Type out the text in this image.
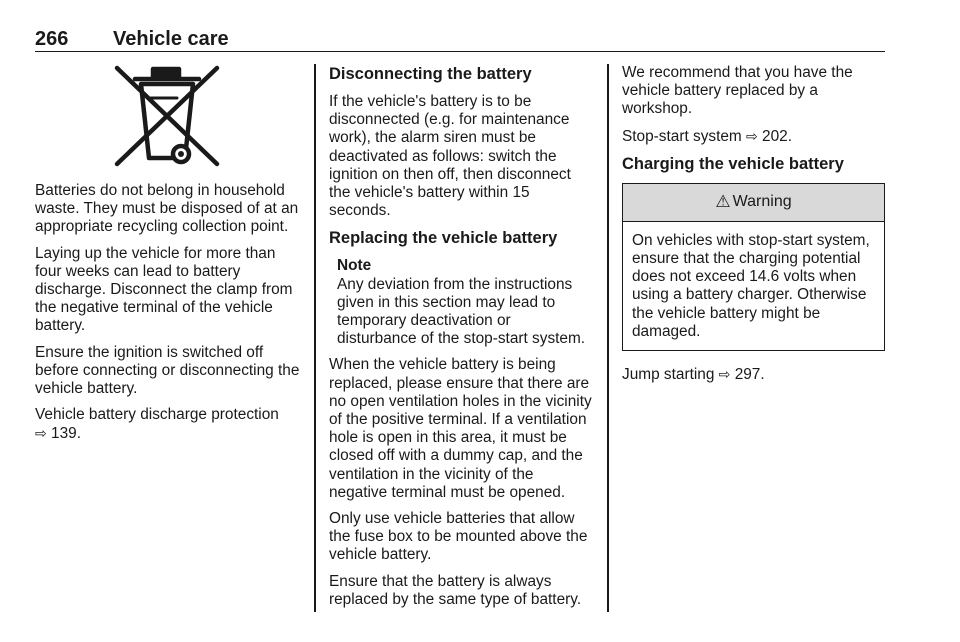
266 Vehicle care

Batteries do not belong in household waste. They must be disposed of at an appropriate recycling collection point.

Laying up the vehicle for more than four weeks can lead to battery discharge. Disconnect the clamp from the negative terminal of the vehicle battery.

Ensure the ignition is switched off before connecting or disconnecting the vehicle battery.

Vehicle battery discharge protection
⇨ 139.

Disconnecting the battery

If the vehicle's battery is to be disconnected (e.g. for maintenance work), the alarm siren must be deactivated as follows: switch the ignition on then off, then disconnect the vehicle's battery within 15 seconds.

Replacing the vehicle battery
Note
Any deviation from the instructions given in this section may lead to temporary deactivation or disturbance of the stop-start system.

When the vehicle battery is being replaced, please ensure that there are no open ventilation holes in the vicinity of the positive terminal. If a ventilation hole is open in this area, it must be closed off with a dummy cap, and the ventilation in the vicinity of the negative terminal must be opened.

Only use vehicle batteries that allow the fuse box to be mounted above the vehicle battery.

Ensure that the battery is always replaced by the same type of battery.

We recommend that you have the vehicle battery replaced by a workshop.

Stop-start system ⇨ 202.

Charging the vehicle battery
⚠ Warning
On vehicles with stop-start system, ensure that the charging potential does not exceed 14.6 volts when using a battery charger. Otherwise the vehicle battery might be damaged.

Jump starting ⇨ 297.
